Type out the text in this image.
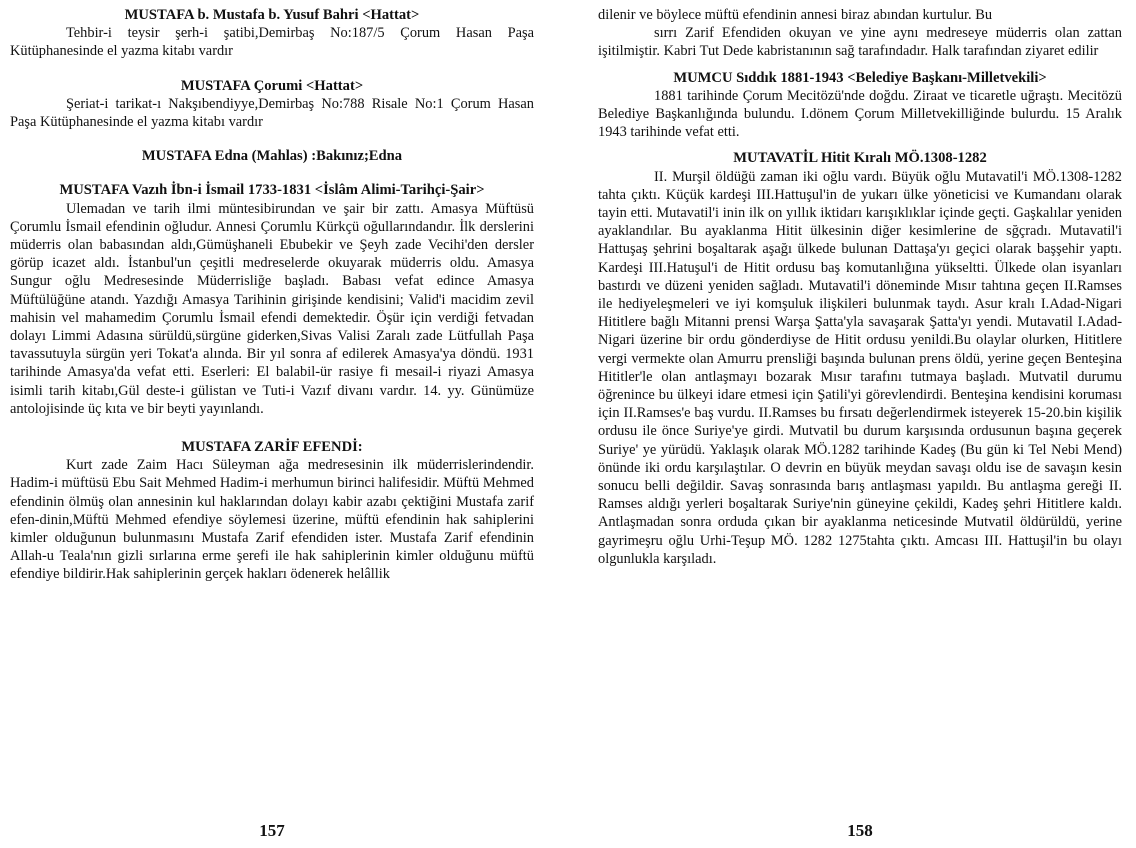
MUSTAFA b. Mustafa b. Yusuf Bahri <Hattat>

Tehbir-i teysir şerh-i şatibi,Demirbaş No:187/5 Çorum Hasan Paşa Kütüphanesinde el yazma kitabı vardır

MUSTAFA Çorumi <Hattat>

Şeriat-i tarikat-ı Nakşıbendiyye,Demirbaş No:788 Risale No:1 Çorum Hasan Paşa Kütüphanesinde el yazma kitabı vardır

MUSTAFA Edna (Mahlas) :Bakınız;Edna
MUSTAFA Vazıh İbn-i İsmail 1733-1831 <İslâm Alimi-Tarihçi-Şair>

Ulemadan ve tarih ilmi müntesibirundan ve şair bir zattı. Amasya Müftüsü Çorumlu İsmail efendinin oğludur. Annesi Çorumlu Kürkçü oğullarındandır. İlk derslerini müderris olan babasından aldı,Gümüşhaneli Ebubekir ve Şeyh zade Vecihi'den dersler görüp icazet aldı. İstanbul'un çeşitli medreselerde okuyarak müderris oldu. Amasya Sungur oğlu Medresesinde Müderrisliğe başladı. Babası vefat edince Amasya Müftülüğüne atandı. Yazdığı Amasya Tarihinin girişinde kendisini; Valid'i macidim zevil mahisin vel mahamedim Çorumlu İsmail efendi demektedir. Öşür için verdiği fetvadan dolayı Limmi Adasına sürüldü,sürgüne giderken,Sivas Valisi Zaralı zade Lütfullah Paşa tavassutuyla sürgün yeri Tokat'a alında. Bir yıl sonra af edilerek Amasya'ya döndü. 1931 tarihinde Amasya'da vefat etti. Eserleri: El balabil-ür rasiye fi mesail-i riyazi Amasya isimli tarih kitabı,Gül deste-i gülistan ve Tuti-i Vazıf divanı vardır. 14. yy. Günümüze antolojisinde üç kıta ve bir beyti yayınlandı.

MUSTAFA ZARİF EFENDİ:

Kurt zade Zaim Hacı Süleyman ağa medresesinin ilk müderrislerindendir. Hadim-i müftüsü Ebu Sait Mehmed Hadim-i merhumun birinci halifesidir. Müftü Mehmed efendinin ölmüş olan annesinin kul haklarından dolayı kabir azabı çektiğini Mustafa zarif efen-dinin,Müftü Mehmed efendiye söylemesi üzerine, müftü efendinin hak sahiplerini kimler olduğunun bulunmasını Mustafa Zarif efendiden ister. Mustafa Zarif efendinin Allah-u Teala'nın gizli sırlarına erme şerefi ile hak sahiplerinin kimler olduğunu müftü efendiye bildirir.Hak sahiplerinin gerçek hakları ödenerek helâllik

157

dilenir ve böylece müftü efendinin annesi biraz abından kurtulur. Bu

sırrı Zarif Efendiden okuyan ve yine aynı medreseye müderris olan zattan işitilmiştir. Kabri Tut Dede kabristanının sağ tarafındadır. Halk tarafından ziyaret edilir

MUMCU Sıddık 1881-1943 <Belediye Başkanı-Milletvekili>

1881 tarihinde Çorum Mecitözü'nde doğdu. Ziraat ve ticaretle uğraştı. Mecitözü Belediye Başkanlığında bulundu. I.dönem Çorum Milletvekilliğinde bulurdu. 15 Aralık 1943 tarihinde vefat etti.

MUTAVATİL Hitit Kıralı MÖ.1308-1282

II. Murşil öldüğü zaman iki oğlu vardı. Büyük oğlu Mutavatil'i MÖ.1308-1282 tahta çıktı. Küçük kardeşi III.Hattuşul'in de yukarı ülke yöneticisi ve Kumandanı olarak tayin etti. Mutavatil'i inin ilk on yıllık iktidarı karışıklıklar içinde geçti. Gaşkalılar yeniden ayaklandılar. Bu ayaklanma Hitit ülkesinin diğer kesimlerine de sğçradı. Mutavatil'i Hattuşaş şehrini boşaltarak aşağı ülkede bulunan Dattaşa'yı geçici olarak başşehir yaptı. Kardeşi III.Hatuşul'i de Hitit ordusu baş komutanlığına yükseltti. Ülkede olan isyanları bastırdı ve düzeni yeniden sağladı. Mutavatil'i döneminde Mısır tahtına geçen II.Ramses ile hediyeleşmeleri ve iyi komşuluk ilişkileri bulunmak taydı. Asur kralı I.Adad-Nigari Hititlere bağlı Mitanni prensi Warşa Şatta'yla savaşarak Şatta'yı yendi. Mutavatil I.Adad-Nigari üzerine bir ordu gönderdiyse de Hitit ordusu yenildi.Bu olaylar olurken, Hititlere vergi vermekte olan Amurru prensliği başında bulunan prens öldü, yerine geçen Benteşina Hititler'le olan antlaşmayı bozarak Mısır tarafını tutmaya başladı. Mutvatil durumu öğrenince bu ülkeyi idare etmesi için Şatili'yi görevlendirdi. Benteşina kendisini koruması için II.Ramses'e baş vurdu. II.Ramses bu fırsatı değerlendirmek isteyerek 15-20.bin kişilik ordusu ile önce Suriye'ye girdi. Mutvatil bu durum karşısında ordusunun başına geçerek Suriye' ye yürüdü. Yaklaşık olarak MÖ.1282 tarihinde Kadeş (Bu gün ki Tel Nebi Mend) önünde iki ordu karşılaştılar. O devrin en büyük meydan savaşı oldu ise de savaşın kesin sonucu belli değildir. Savaş sonrasında barış antlaşması yapıldı. Bu antlaşma gereği II. Ramses aldığı yerleri boşaltarak Suriye'nin güneyine çekildi, Kadeş şehri Hititlere kaldı. Antlaşmadan sonra orduda çıkan bir ayaklanma neticesinde Mutvatil öldürüldü, yerine gayrimeşru oğlu Urhi-Teşup MÖ. 1282 1275tahta çıktı. Amcası III. Hattuşil'in bu olayı olgunlukla karşıladı.

158
